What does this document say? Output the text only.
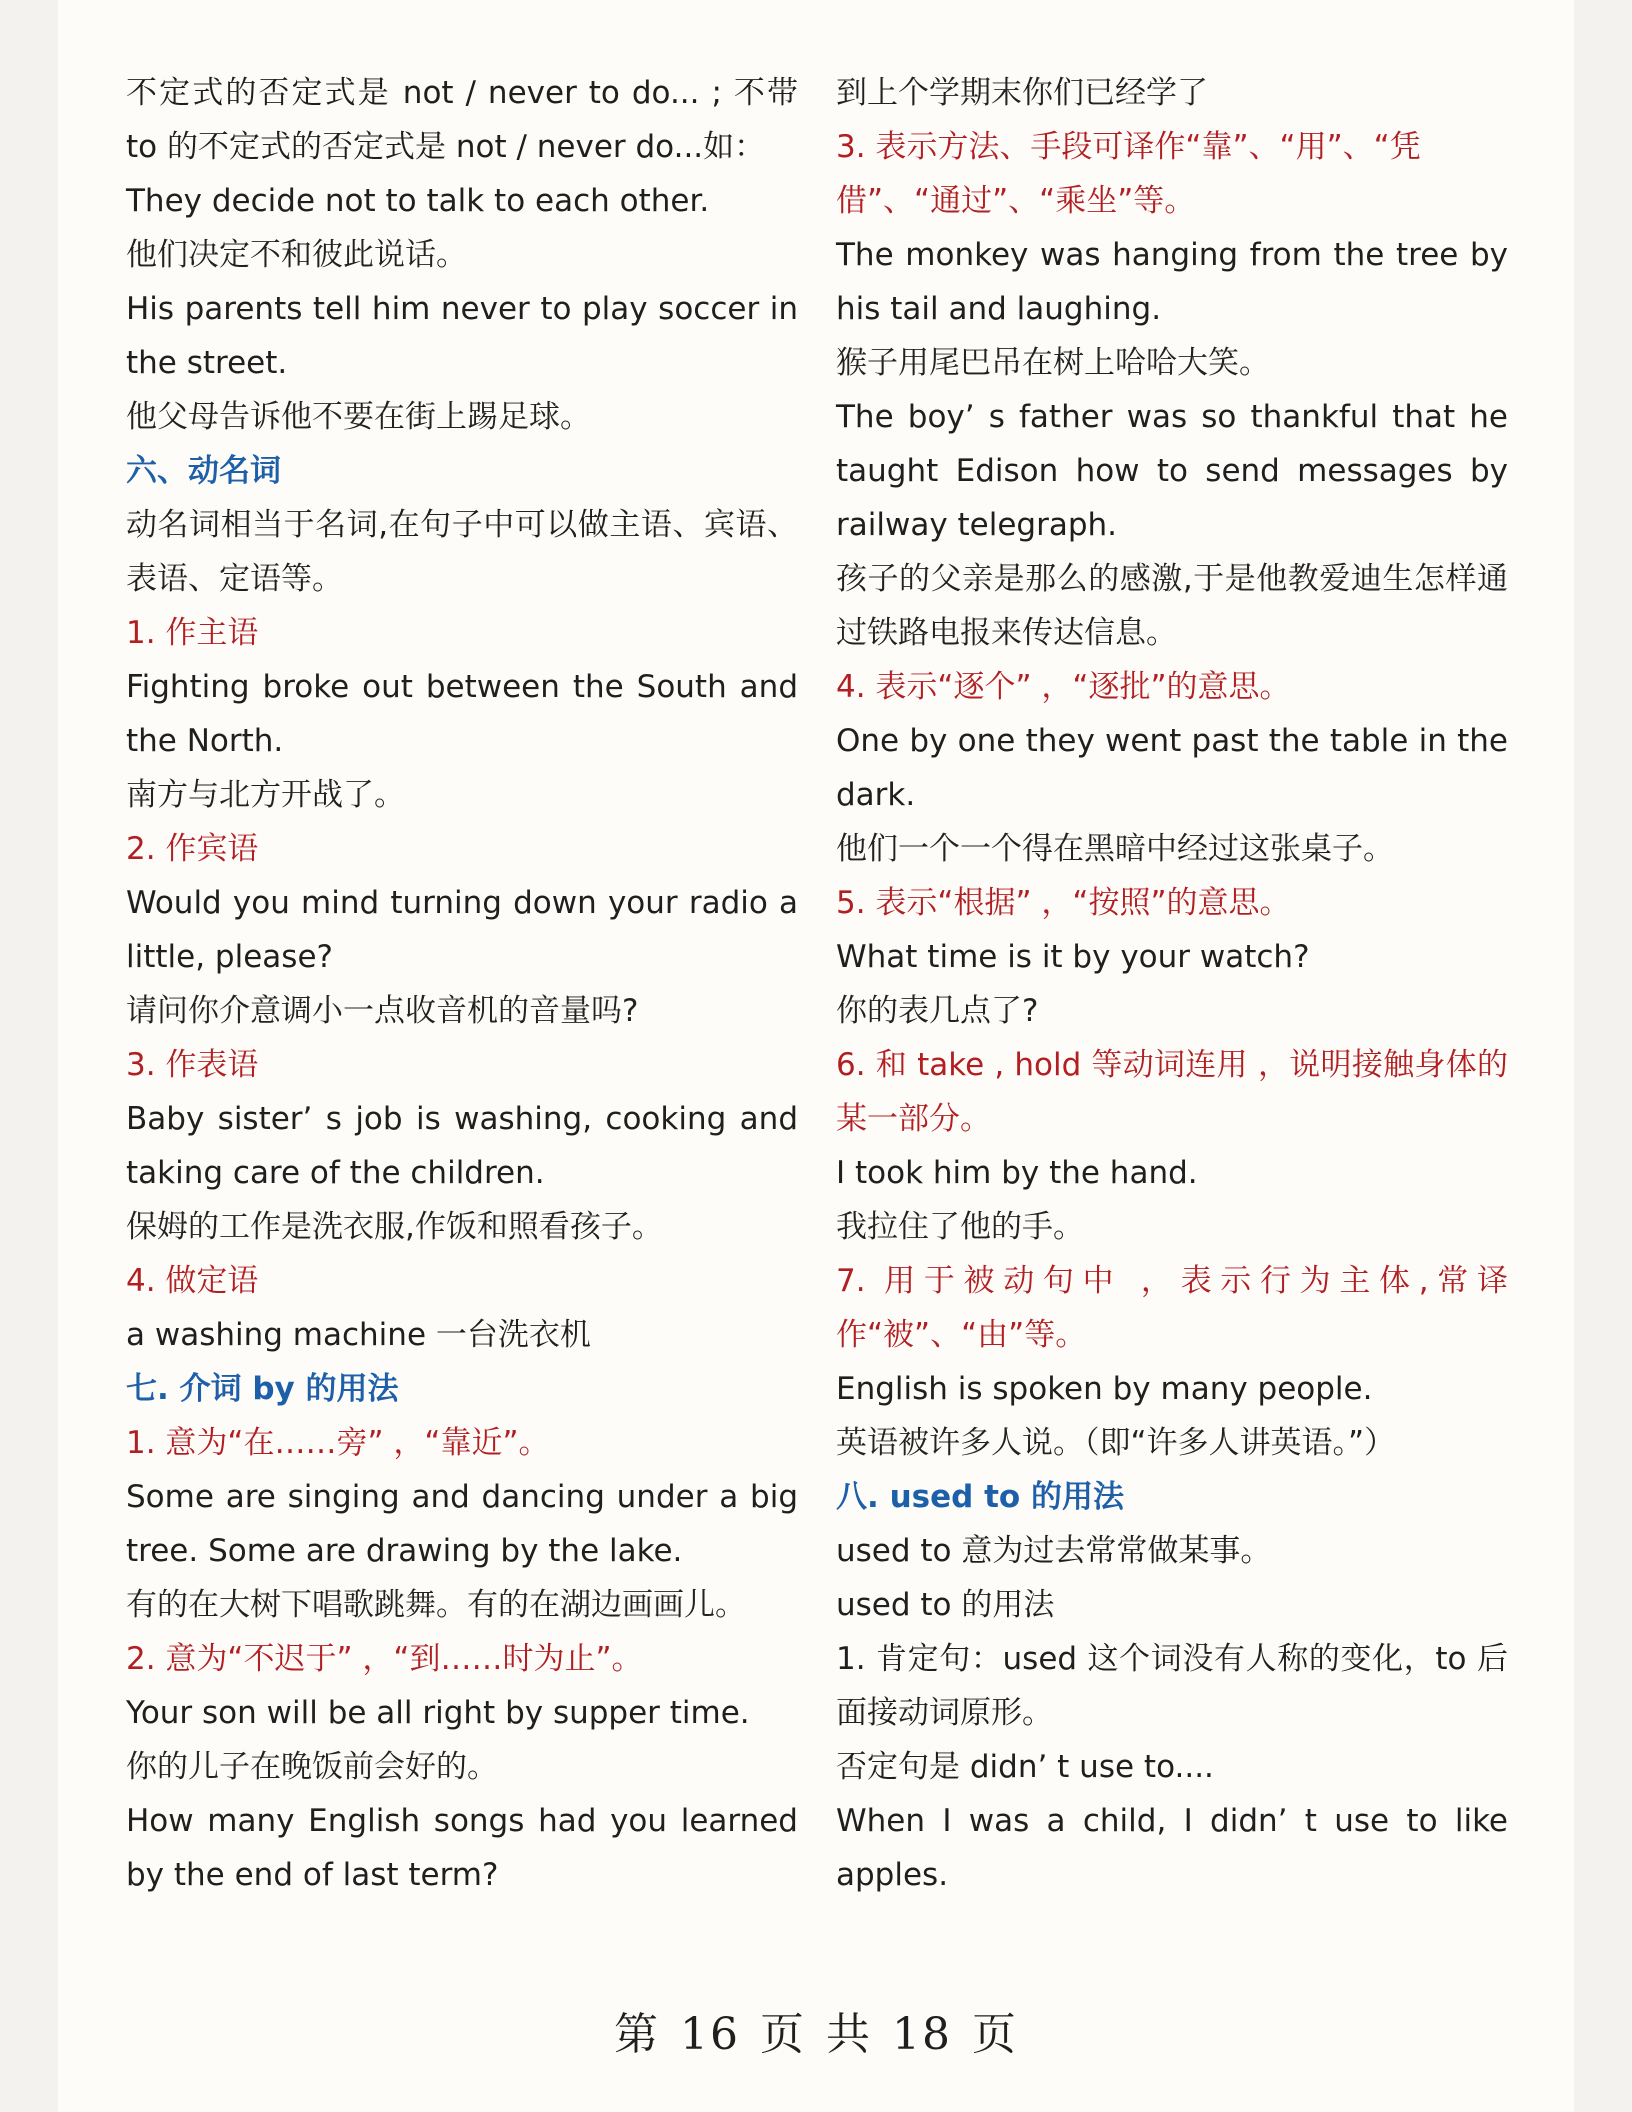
不定式的否定式是 not / never to do... ; 不带 to 的不定式的否定式是 not / never do...如：

They decide not to talk to each other.

他们决定不和彼此说话。

His parents tell him never to play soccer in the street.

他父母告诉他不要在街上踢足球。

六、动名词

动名词相当于名词,在句子中可以做主语、宾语、表语、定语等。

1. 作主语

Fighting broke out between the South and the North.

南方与北方开战了。

2. 作宾语

Would you mind turning down your radio a little, please?

请问你介意调小一点收音机的音量吗?

3. 作表语

Baby sister’ s job is washing, cooking and taking care of the children.

保姆的工作是洗衣服,作饭和照看孩子。

4. 做定语

a washing machine 一台洗衣机

七. 介词 by 的用法

1. 意为“在……旁” ，“靠近”。

Some are singing and dancing under a big tree. Some are drawing by the lake.

有的在大树下唱歌跳舞。有的在湖边画画儿。

2. 意为“不迟于” ，“到……时为止”。

Your son will be all right by supper time.

你的儿子在晚饭前会好的。

How many English songs had you learned by the end of last term?

到上个学期末你们已经学了

3. 表示方法、手段可译作“靠”、“用”、“凭借”、“通过”、“乘坐”等。

The monkey was hanging from the tree by his tail and laughing.

猴子用尾巴吊在树上哈哈大笑。

The boy’ s father was so thankful that he taught Edison how to send messages by railway telegraph.

孩子的父亲是那么的感激,于是他教爱迪生怎样通过铁路电报来传达信息。

4. 表示“逐个” ，“逐批”的意思。

One by one they went past the table in the dark.

他们一个一个得在黑暗中经过这张桌子。

5. 表示“根据” ，“按照”的意思。

What time is it by your watch?

你的表几点了?

6. 和 take , hold 等动词连用 ，说明接触身体的某一部分。

I took him by the hand.

我拉住了他的手。

7. 用于被动句中 ，表示行为主体,常译作“被”、“由”等。

English is spoken by many people.

英语被许多人说。（即“许多人讲英语。”）

八. used to 的用法

used to 意为过去常常做某事。

used to 的用法

1. 肯定句：used 这个词没有人称的变化，to 后面接动词原形。

否定句是 didn’ t use to....

When I was a child, I didn’ t use to like apples.

第 16 页 共 18 页
